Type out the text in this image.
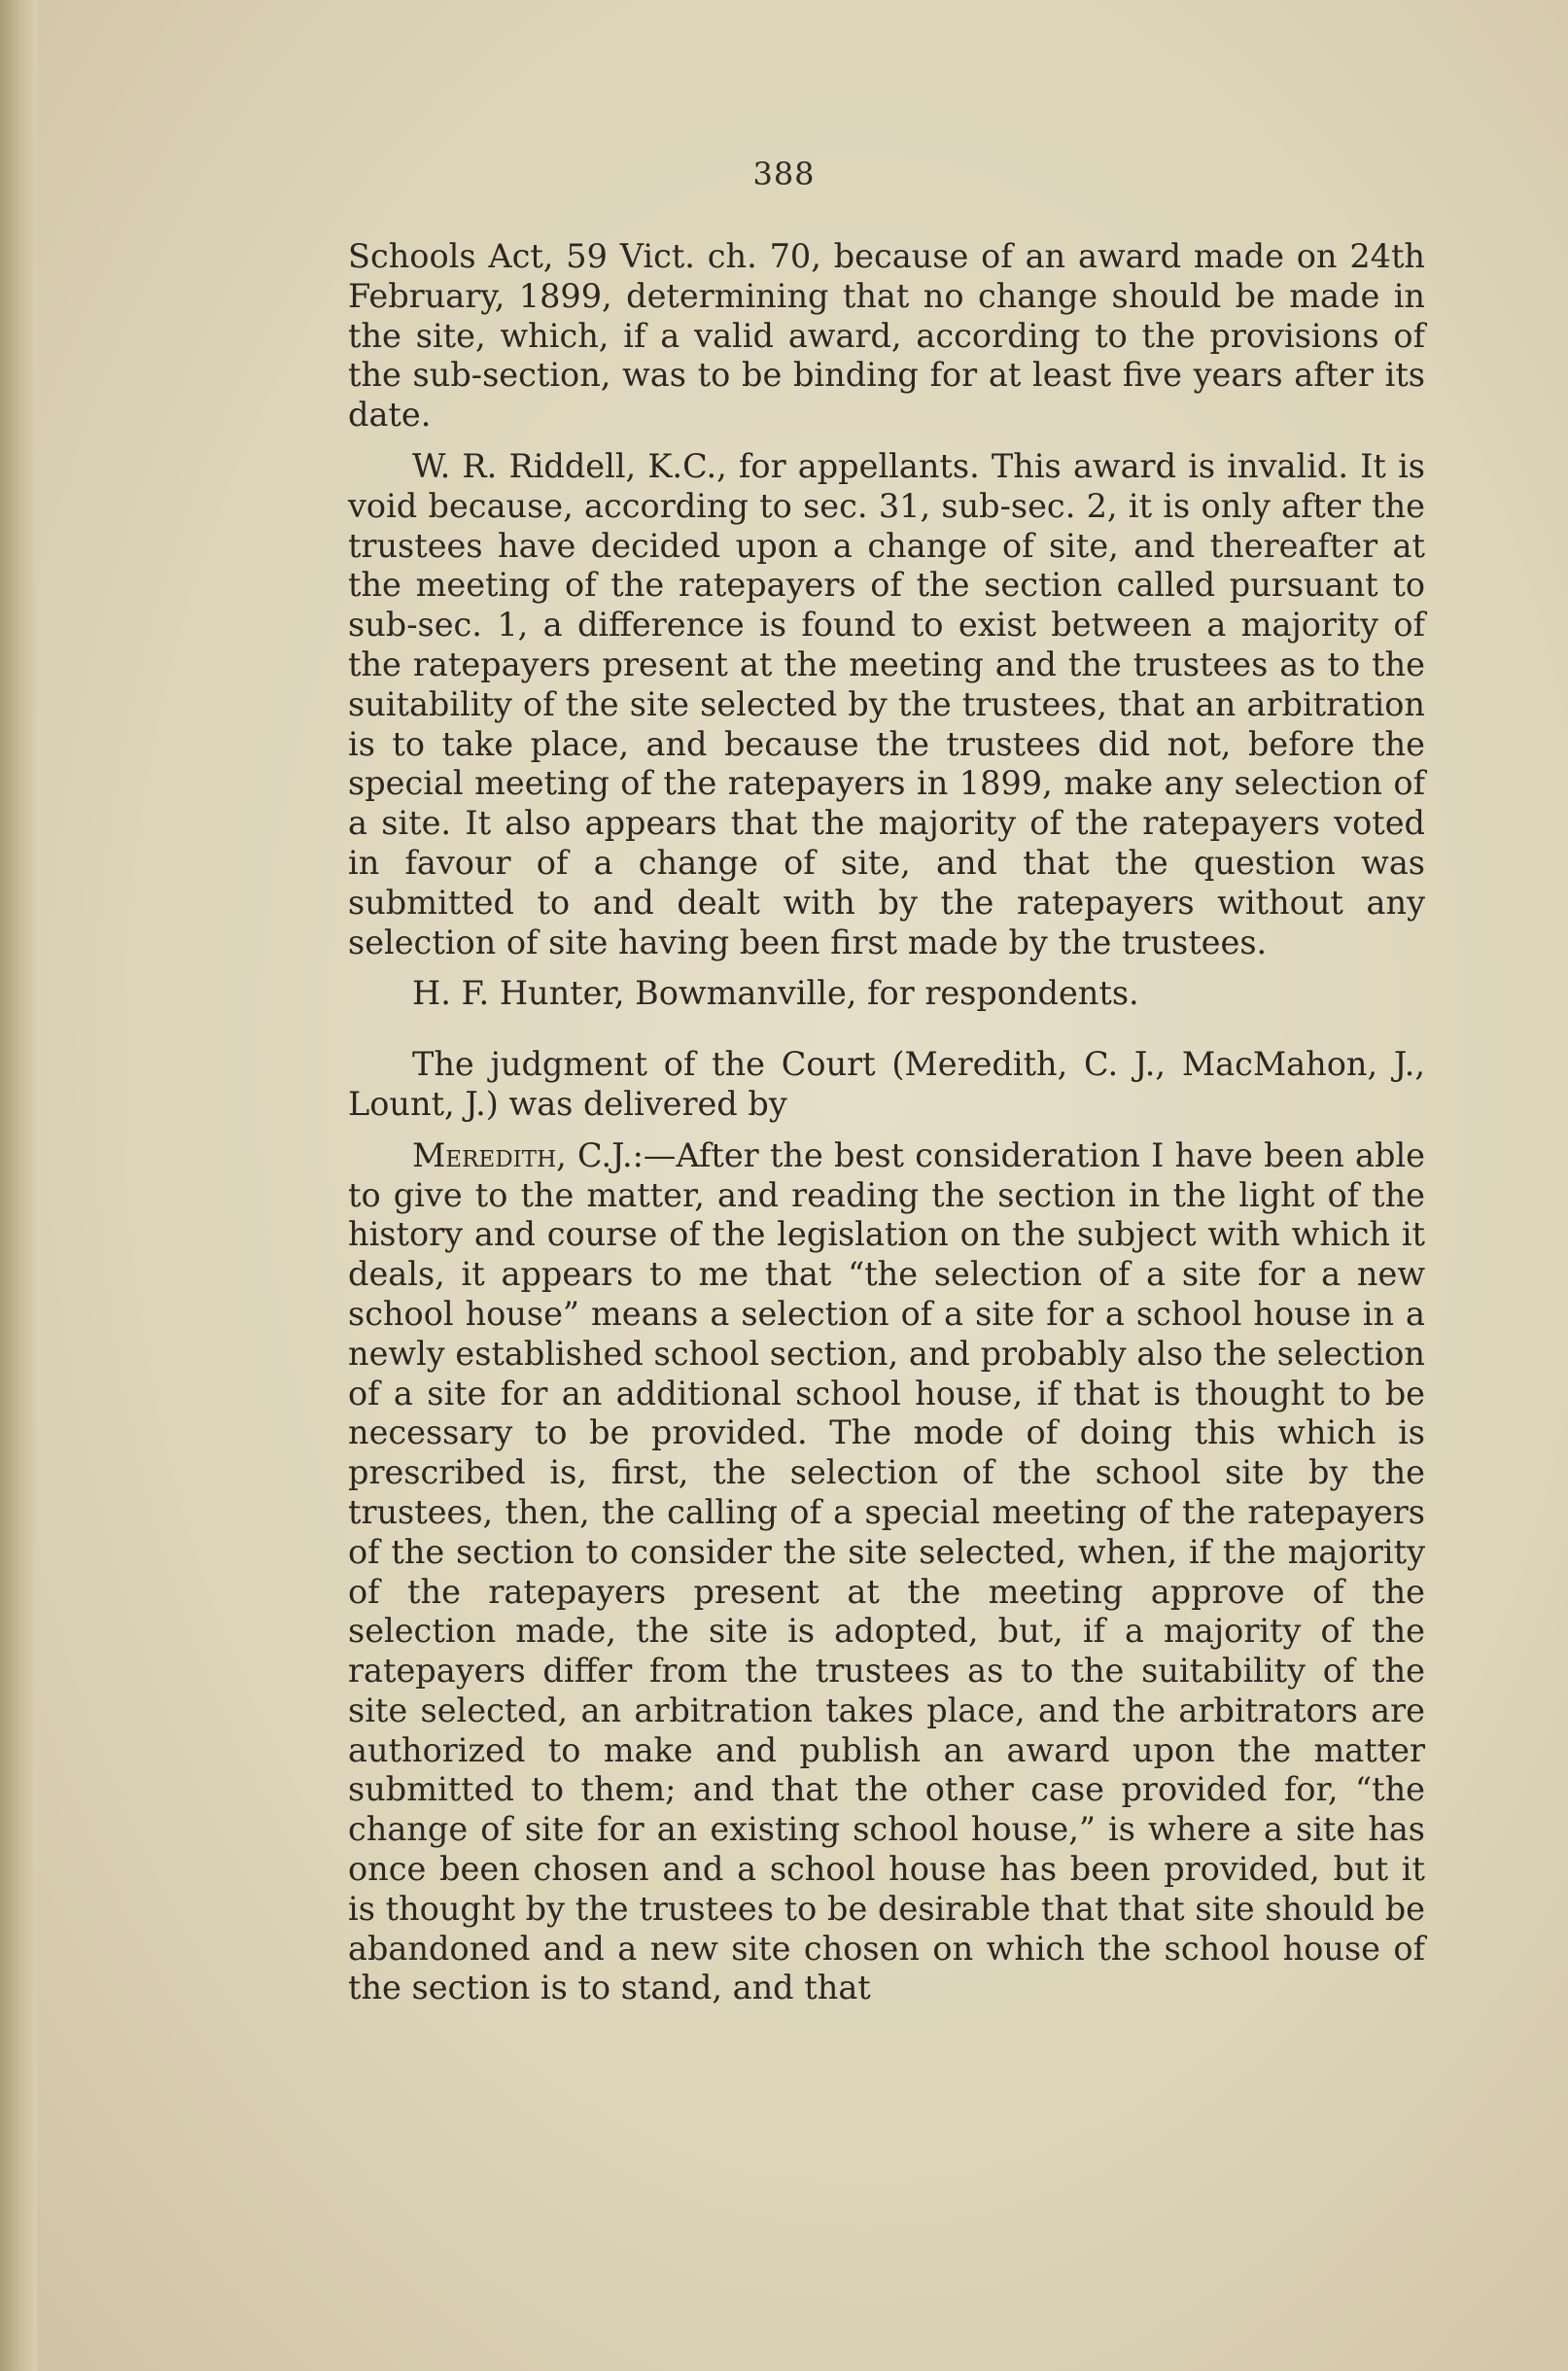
388

Schools Act, 59 Vict. ch. 70, because of an award made on 24th February, 1899, determining that no change should be made in the site, which, if a valid award, according to the provisions of the sub-section, was to be binding for at least five years after its date.

W. R. Riddell, K.C., for appellants. This award is invalid. It is void because, according to sec. 31, sub-sec. 2, it is only after the trustees have decided upon a change of site, and thereafter at the meeting of the ratepayers of the section called pursuant to sub-sec. 1, a difference is found to exist between a majority of the ratepayers present at the meeting and the trustees as to the suitability of the site selected by the trustees, that an arbitration is to take place, and because the trustees did not, before the special meeting of the ratepayers in 1899, make any selection of a site. It also appears that the majority of the ratepayers voted in favour of a change of site, and that the question was submitted to and dealt with by the ratepayers without any selection of site having been first made by the trustees.

H. F. Hunter, Bowmanville, for respondents.

The judgment of the Court (Meredith, C. J., MacMahon, J., Lount, J.) was delivered by

Meredith, C.J.:—After the best consideration I have been able to give to the matter, and reading the section in the light of the history and course of the legislation on the subject with which it deals, it appears to me that “the selection of a site for a new school house” means a selection of a site for a school house in a newly established school section, and probably also the selection of a site for an additional school house, if that is thought to be necessary to be provided. The mode of doing this which is prescribed is, first, the selection of the school site by the trustees, then, the calling of a special meeting of the ratepayers of the section to consider the site selected, when, if the majority of the ratepayers present at the meeting approve of the selection made, the site is adopted, but, if a majority of the ratepayers differ from the trustees as to the suitability of the site selected, an arbitration takes place, and the arbitrators are authorized to make and publish an award upon the matter submitted to them; and that the other case provided for, “the change of site for an existing school house,” is where a site has once been chosen and a school house has been provided, but it is thought by the trustees to be desirable that that site should be abandoned and a new site chosen on which the school house of the section is to stand, and that
